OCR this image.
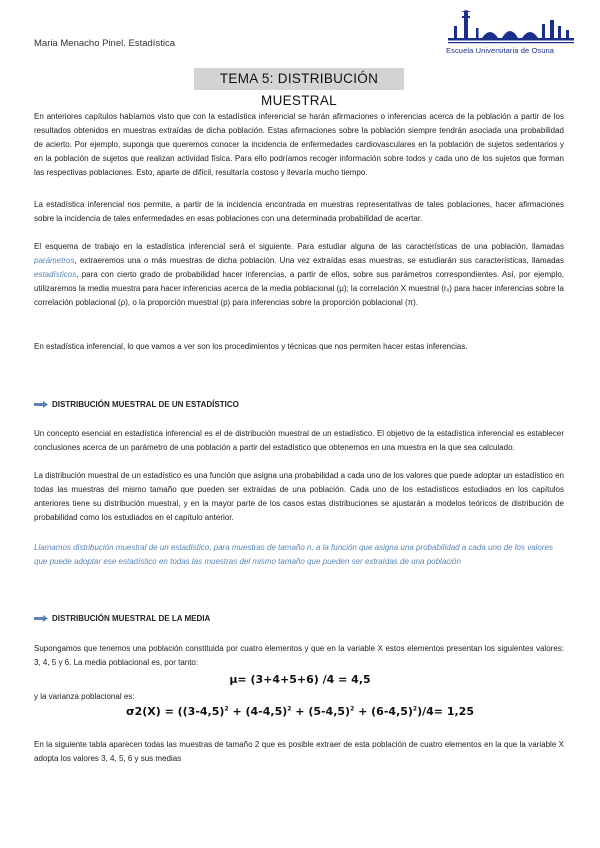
Maria Menacho Pinel. Estadística
Escuela Universitaria de Osuna
TEMA 5: DISTRIBUCIÓN MUESTRAL

En anteriores capítulos habíamos visto que con la estadística inferencial se harán afirmaciones o inferencias acerca de la población a partir de los resultados obtenidos en muestras extraídas de dicha población. Estas afirmaciones sobre la población siempre tendrán asociada una probabilidad de acierto. Por ejemplo, suponga que queremos conocer la incidencia de enfermedades cardiovasculares en la población de sujetos sedentarios y en la población de sujetos que realizan actividad física. Para ello podríamos recoger información sobre todos y cada uno de los sujetos que forman las respectivas poblaciones. Esto, aparte de difícil, resultaría costoso y llevaría mucho tiempo.

La estadística inferencial nos permite, a partir de la incidencia encontrada en muestras representativas de tales poblaciones, hacer afirmaciones sobre la incidencia de tales enfermedades en esas poblaciones con una determinada probabilidad de acertar.

El esquema de trabajo en la estadística inferencial será el siguiente. Para estudiar alguna de las características de una población, llamadas parámetros, extraeremos una o más muestras de dicha población. Una vez extraídas esas muestras, se estudiarán sus características, llamadas estadísticos, para con cierto grado de probabilidad hacer inferencias, a partir de ellos, sobre sus parámetros correspondientes. Así, por ejemplo, utilizaremos la media muestra para hacer inferencias acerca de la media poblacional (μ); la correlación X muestral (rₓ) para hacer inferencias sobre la correlación poblacional (ρ), o la proporción muestral (p) para inferencias sobre la proporción poblacional (π).

En estadística inferencial, lo que vamos a ver son los procedimientos y técnicas que nos permiten hacer estas inferencias.

DISTRIBUCIÓN MUESTRAL DE UN ESTADÍSTICO

Un concepto esencial en estadística inferencial es el de distribución muestral de un estadístico. El objetivo de la estadística inferencial es establecer conclusiones acerca de un parámetro de una población a partir del estadístico que obtenemos en una muestra en la que sea calculado.

La distribución muestral de un estadístico es una función que asigna una probabilidad a cada uno de los valores que puede adoptar un estadístico en todas las muestras del mismo tamaño que pueden ser extraídas de una población. Cada uno de los estadísticos estudiados en los capítulos anteriores tiene su distribución muestral, y en la mayor parte de los casos estas distribuciones se ajustarán a modelos teóricos de distribución de probabilidad como los estudiados en el capítulo anterior.

Llamamos distribución muestral de un estadístico, para muestras de tamaño n, a la función que asigna una probabilidad a cada uno de los valores que puede adoptar ese estadístico en todas las muestras del mismo tamaño que pueden ser extraídas de una población

DISTRIBUCIÓN MUESTRAL DE LA MEDIA

Supongamos que tenemos una población constituida por cuatro elementos y que en la variable X estos elementos presentan los siguientes valores: 3, 4, 5 y 6. La media poblacional es, por tanto:

μ= (3+4+5+6) /4 = 4,5

y la varianza poblacional es:

$\sigma 2(X) = ((3-4,5)^2 + (4-4,5)^2 + (5-4,5)^2 + (6-4,5)^2)/4= 1,25$

En la siguiente tabla aparecen todas las muestras de tamaño 2 que es posible extraer de esta población de cuatro elementos en la que la variable X adopta los valores 3, 4, 5, 6 y sus medias
